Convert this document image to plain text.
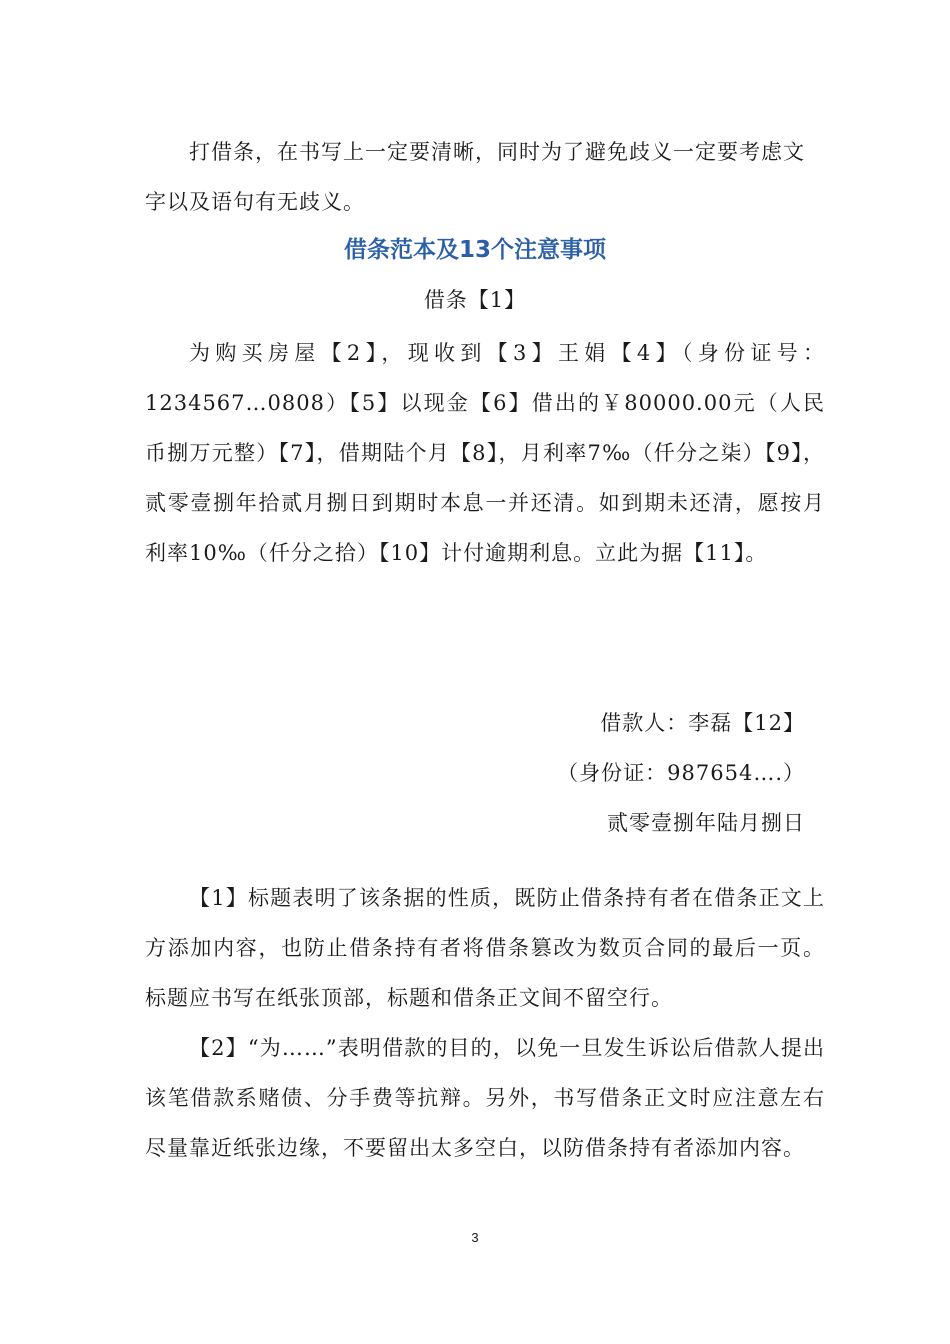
打借条，在书写上一定要清晰，同时为了避免歧义一定要考虑文字以及语句有无歧义。

借条范本及13个注意事项
借条【1】

为购买房屋【2】，现收到【3】王娟【4】（身份证号：1234567…0808）【5】以现金【6】借出的￥80000.00元（人民币捌万元整）【7】，借期陆个月【8】，月利率7‰（仟分之柒）【9】，贰零壹捌年拾贰月捌日到期时本息一并还清。如到期未还清，愿按月利率10‰（仟分之拾）【10】计付逾期利息。立此为据【11】。

借款人：李磊【12】
（身份证：987654….）
贰零壹捌年陆月捌日

【1】标题表明了该条据的性质，既防止借条持有者在借条正文上方添加内容，也防止借条持有者将借条篡改为数页合同的最后一页。标题应书写在纸张顶部，标题和借条正文间不留空行。

【2】“为……”表明借款的目的，以免一旦发生诉讼后借款人提出该笔借款系赌债、分手费等抗辩。另外，书写借条正文时应注意左右尽量靠近纸张边缘，不要留出太多空白，以防借条持有者添加内容。

3
